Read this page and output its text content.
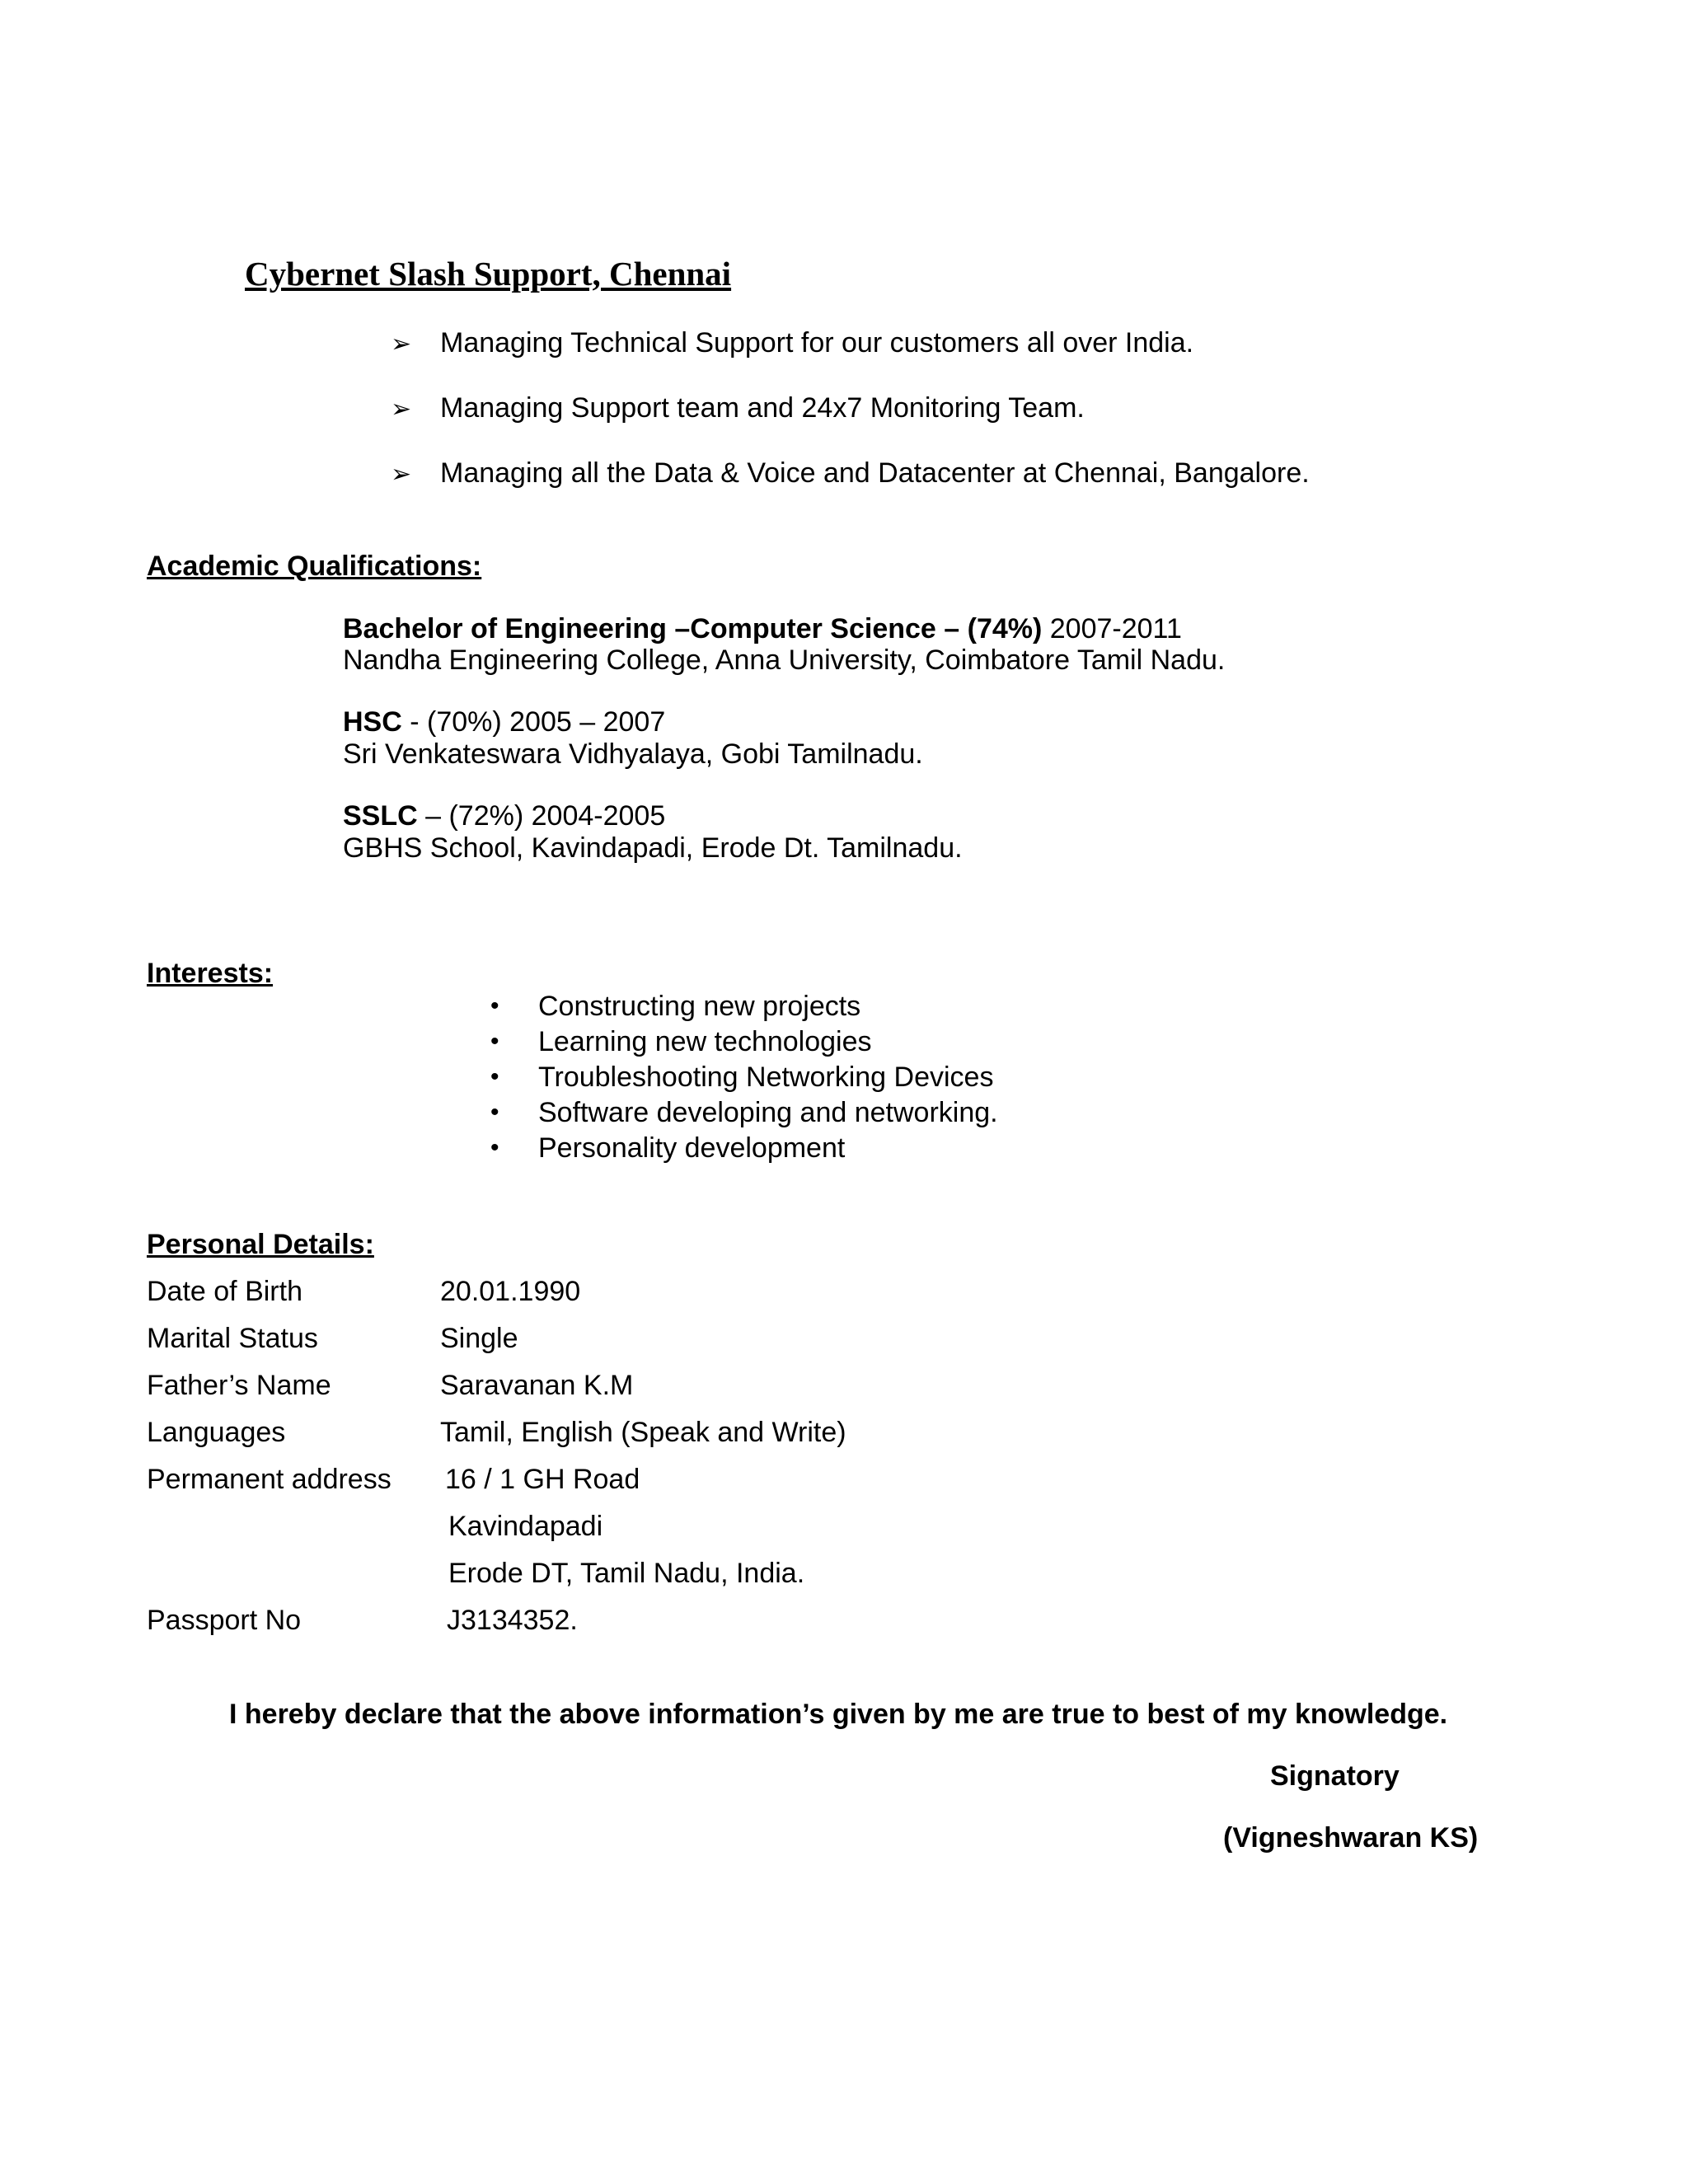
Cybernet Slash Support, Chennai
➢ Managing Technical Support for our customers all over India.
➢ Managing Support team and 24x7 Monitoring Team.
➢ Managing all the Data & Voice and Datacenter at Chennai, Bangalore.
Academic Qualifications:
Bachelor of Engineering –Computer Science – (74%) 2007-2011
Nandha Engineering College, Anna University, Coimbatore Tamil Nadu.
HSC - (70%) 2005 – 2007
Sri Venkateswara Vidhyalaya, Gobi Tamilnadu.
SSLC – (72%) 2004-2005
GBHS School, Kavindapadi, Erode Dt. Tamilnadu.
Interests:
• Constructing new projects
• Learning new technologies
• Troubleshooting Networking Devices
• Software developing and networking.
• Personality development
Personal Details:
Date of Birth	20.01.1990
Marital Status	Single
Father’s Name	Saravanan K.M
Languages	Tamil, English (Speak and Write)
Permanent address 16 / 1 GH Road
Kavindapadi
Erode DT, Tamil Nadu, India.
Passport No	J3134352.
I hereby declare that the above information’s given by me are true to best of my knowledge.
Signatory
(Vigneshwaran KS)
